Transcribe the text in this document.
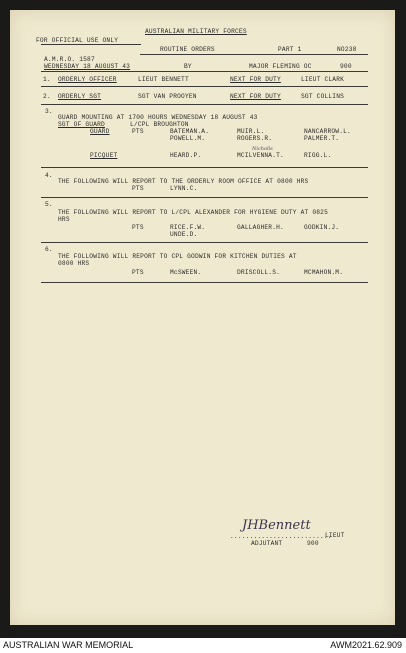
AUSTRALIAN MILITARY FORCES
FOR OFFICIAL USE ONLY
ROUTINE ORDERS	PART 1	NO238
A.M.R.O. 1587
WEDNESDAY 18 AUGUST 43	BY	MAJOR FLEMING OC	900
1. ORDERLY OFFICER	LIEUT BENNETT	NEXT FOR DUTY	LIEUT CLARK
2. ORDERLY SGT	SGT VAN PROOYEN	NEXT FOR DUTY	SGT COLLINS
3.
GUARD MOUNTING AT 1700 HOURS WEDNESDAY 18 AUGUST 43
SGT OF GUARD	L/CPL BROUGHTON
GUARD	PTS	BATEMAN.A.	MUIR.L.	NANCARROW.L.
POWELL.M.	ROGERS.R.	PALMER.T.
Nicholls
PICQUET	HEARD.P.	MCILVENNA.T.	RIGG.L.
4.
THE FOLLOWING WILL REPORT TO THE ORDERLY ROOM OFFICE AT 0800 HRS
PTS	LYNN.C.
5.
THE FOLLOWING WILL REPORT TO L/CPL ALEXANDER FOR HYGIENE DUTY AT 0825
HRS
PTS	RICE.F.W.	GALLAGHER.H.	GODKIN.J.
UNDE.D.
6.
THE FOLLOWING WILL REPORT TO CPL GODWIN FOR KITCHEN DUTIES AT
0800 HRS
PTS	McSWEEN.	DRISCOLL.S.	MCMAHON.M.
JHBennett
..........................
LIEUT
ADJUTANT	900
AUSTRALIAN WAR MEMORIAL	AWM2021.62.909
